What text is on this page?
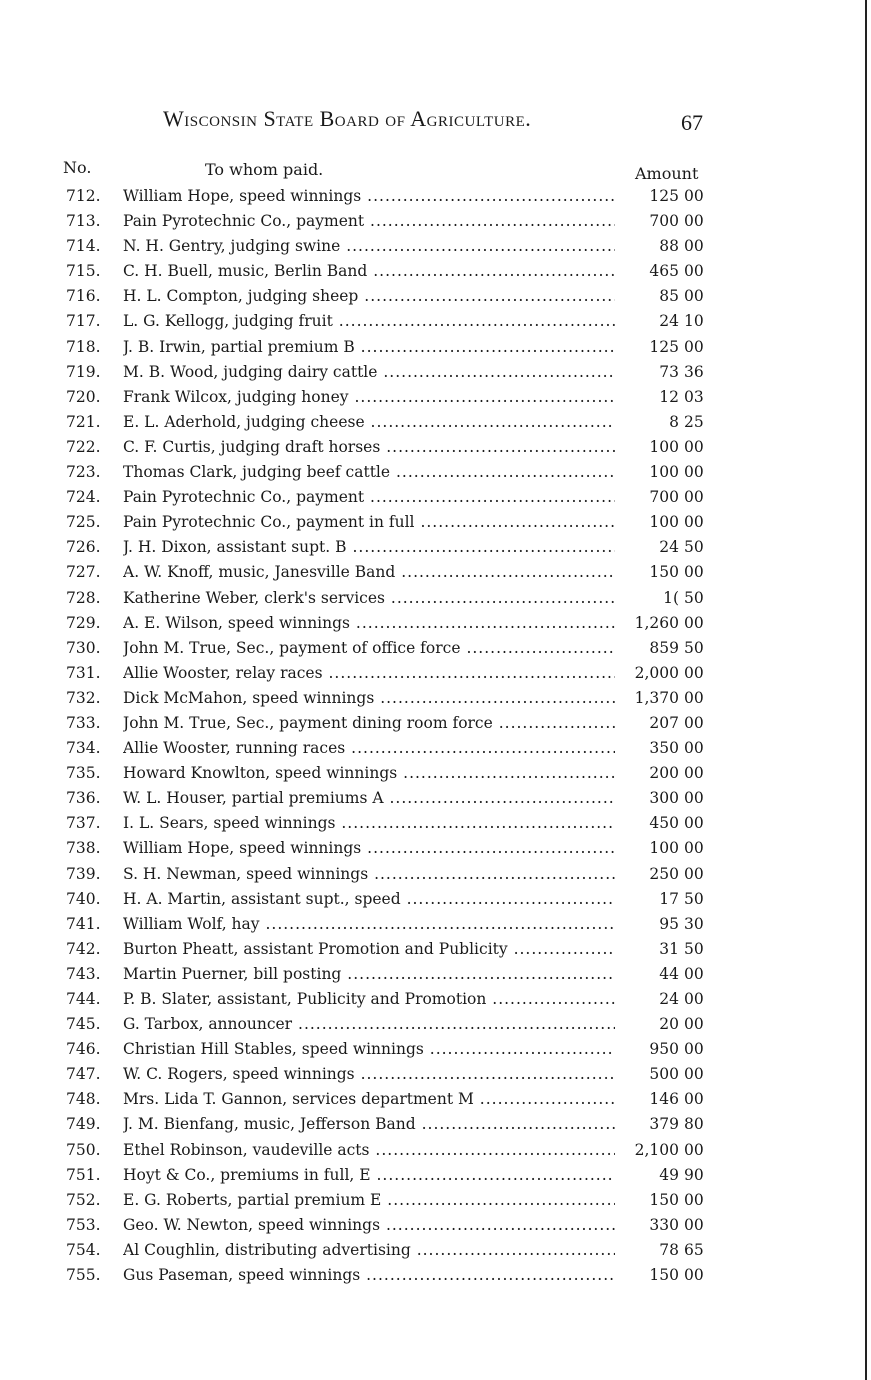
Wisconsin State Board of Agriculture.	67
No.	To whom paid.	Amount
712.	William Hope, speed winnings .....	125 00
713.	Pain Pyrotechnic Co., payment .....	700 00
714.	N. H. Gentry, judging swine .....	88 00
715.	C. H. Buell, music, Berlin Band .....	465 00
716.	H. L. Compton, judging sheep .....	85 00
717.	L. G. Kellogg, judging fruit .....	24 10
718.	J. B. Irwin, partial premium B .....	125 00
719.	M. B. Wood, judging dairy cattle .....	73 36
720.	Frank Wilcox, judging honey .....	12 03
721.	E. L. Aderhold, judging cheese .....	8 25
722.	C. F. Curtis, judging draft horses .....	100 00
723.	Thomas Clark, judging beef cattle .....	100 00
724.	Pain Pyrotechnic Co., payment .....	700 00
725.	Pain Pyrotechnic Co., payment in full .....	100 00
726.	J. H. Dixon, assistant supt. B .....	24 50
727.	A. W. Knoff, music, Janesville Band .....	150 00
728.	Katherine Weber, clerk's services .....	1( 50
729.	A. E. Wilson, speed winnings .....	1,260 00
730.	John M. True, Sec., payment of office force .....	859 50
731.	Allie Wooster, relay races .....	2,000 00
732.	Dick McMahon, speed winnings .....	1,370 00
733.	John M. True, Sec., payment dining room force .....	207 00
734.	Allie Wooster, running races .....	350 00
735.	Howard Knowlton, speed winnings .....	200 00
736.	W. L. Houser, partial premiums A .....	300 00
737.	I. L. Sears, speed winnings .....	450 00
738.	William Hope, speed winnings .....	100 00
739.	S. H. Newman, speed winnings .....	250 00
740.	H. A. Martin, assistant supt., speed .....	17 50
741.	William Wolf, hay .....	95 30
742.	Burton Pheatt, assistant Promotion and Publicity .....	31 50
743.	Martin Puerner, bill posting .....	44 00
744.	P. B. Slater, assistant, Publicity and Promotion .....	24 00
745.	G. Tarbox, announcer .....	20 00
746.	Christian Hill Stables, speed winnings .....	950 00
747.	W. C. Rogers, speed winnings .....	500 00
748.	Mrs. Lida T. Gannon, services department M .....	146 00
749.	J. M. Bienfang, music, Jefferson Band .....	379 80
750.	Ethel Robinson, vaudeville acts .....	2,100 00
751.	Hoyt & Co., premiums in full, E .....	49 90
752.	E. G. Roberts, partial premium E .....	150 00
753.	Geo. W. Newton, speed winnings .....	330 00
754.	Al Coughlin, distributing advertising .....	78 65
755.	Gus Paseman, speed winnings .....	150 00
